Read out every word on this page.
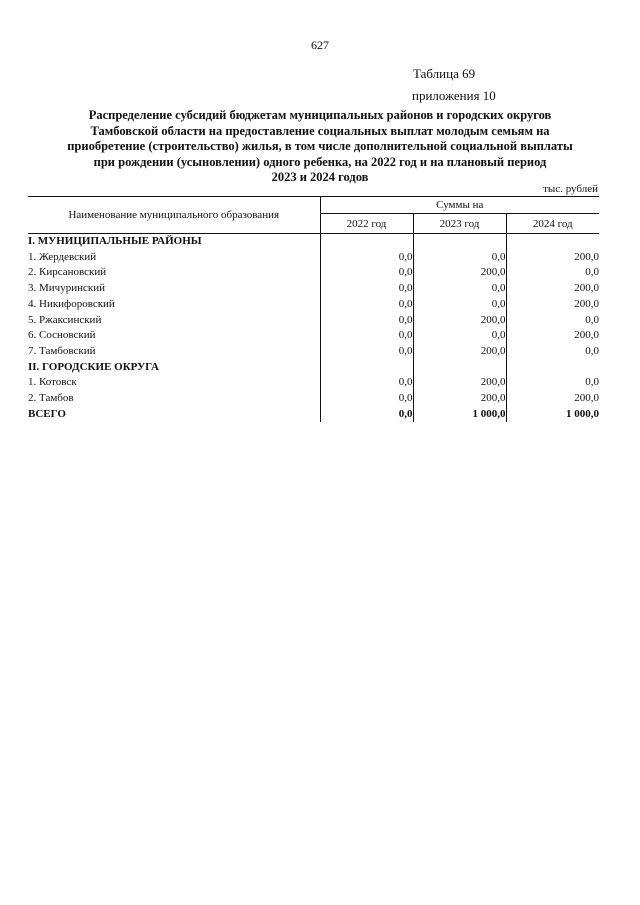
627
Таблица 69
приложения 10
Распределение субсидий бюджетам муниципальных районов и городских округов
Тамбовской области на предоставление социальных выплат молодым семьям на
приобретение (строительство) жилья, в том числе дополнительной социальной выплаты
при рождении (усыновлении) одного ребенка, на 2022 год и на плановый период
2023 и 2024 годов
тыс. рублей
Наименование муниципального образования	Суммы на		
	2022 год	2023 год	2024 год
I. МУНИЦИПАЛЬНЫЕ РАЙОНЫ			
1. Жердевский	0,0	0,0	200,0
2. Кирсановский	0,0	200,0	0,0
3. Мичуринский	0,0	0,0	200,0
4. Никифоровский	0,0	0,0	200,0
5. Ржаксинский	0,0	200,0	0,0
6. Сосновский	0,0	0,0	200,0
7. Тамбовский	0,0	200,0	0,0
II. ГОРОДСКИЕ ОКРУГА			
1. Котовск	0,0	200,0	0,0
2. Тамбов	0,0	200,0	200,0
ВСЕГО	0,0	1 000,0	1 000,0
